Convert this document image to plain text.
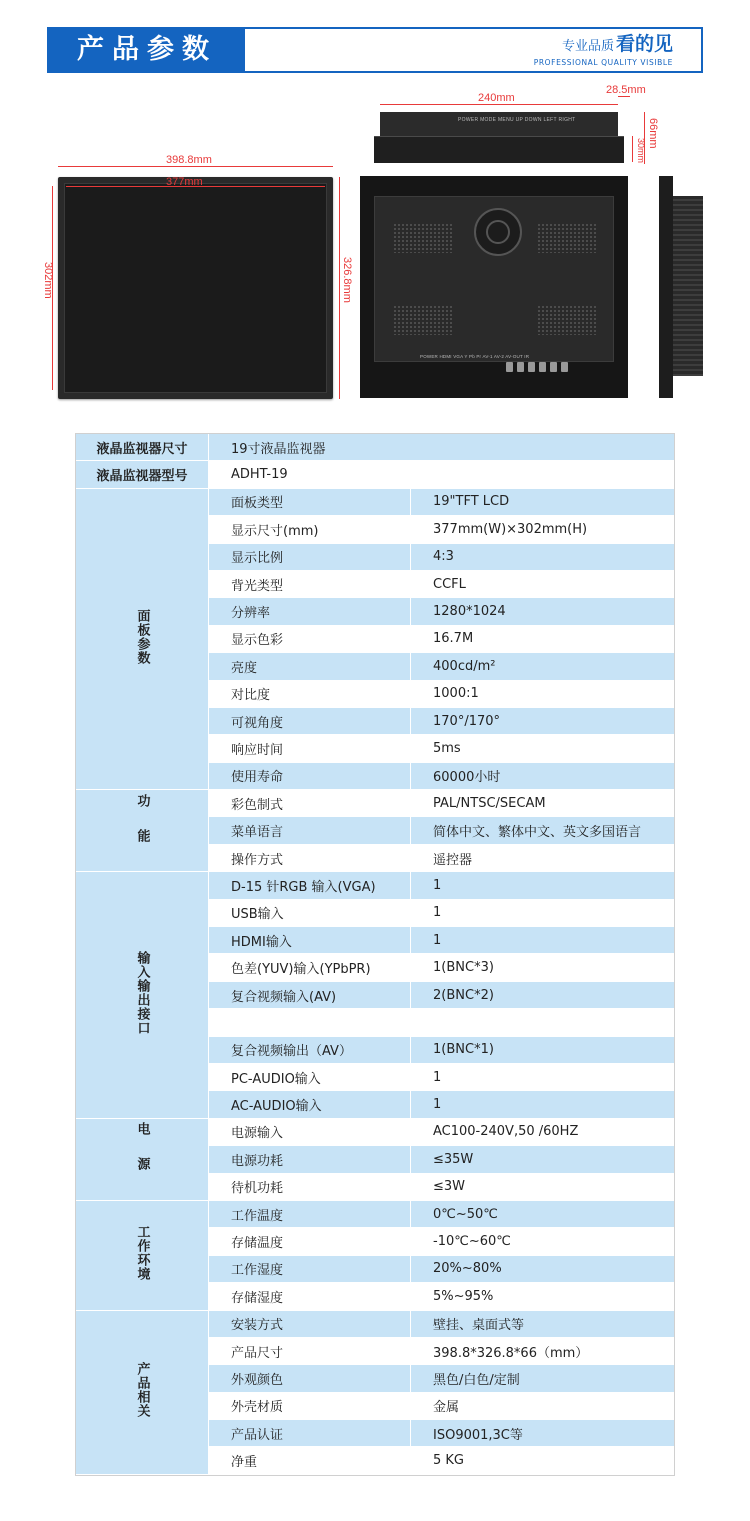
产品参数	专业品质 看的见
PROFESSIONAL QUALITY VISIBLE
398.8mm
377mm
302mm	326.8mm
240mm
28.5mm
POWER MODE MENU UP DOWN LEFT RIGHT	66mm
30mm
POWER HDMI VGA Y Pb Pr AV-1 AV-2 AV-OUT IR
液晶监视器尺寸	19寸液晶监视器	
液晶监视器型号	ADHT-19	
面板参数	面板类型	19"TFT LCD
	显示尺寸(mm)	377mm(W)×302mm(H)
	显示比例	4:3
	背光类型	CCFL
	分辨率	1280*1024
	显示色彩	16.7M
	亮度	400cd/m²
	对比度	1000:1
	可视角度	170°/170°
	响应时间	5ms
	使用寿命	60000小时
功能	彩色制式	PAL/NTSC/SECAM
	菜单语言	简体中文、繁体中文、英文多国语言
	操作方式	遥控器
输入输出接口	D-15 针RGB 输入(VGA)	1
	USB输入	1
	HDMI输入	1
	色差(YUV)输入(YPbPR)	1(BNC*3)
	复合视频输入(AV)	2(BNC*2)

	复合视频输出（AV）	1(BNC*1)
	PC-AUDIO输入	1
	AC-AUDIO输入	1
电源	电源输入	AC100-240V,50 /60HZ
	电源功耗	≤35W
	待机功耗	≤3W
工作环境	工作温度	0℃~50℃
	存储温度	-10℃~60℃
	工作湿度	20%~80%
	存储湿度	5%~95%
产品相关	安装方式	壁挂、桌面式等
	产品尺寸	398.8*326.8*66（mm）
	外观颜色	黑色/白色/定制
	外壳材质	金属
	产品认证	ISO9001,3C等
	净重	5 KG
